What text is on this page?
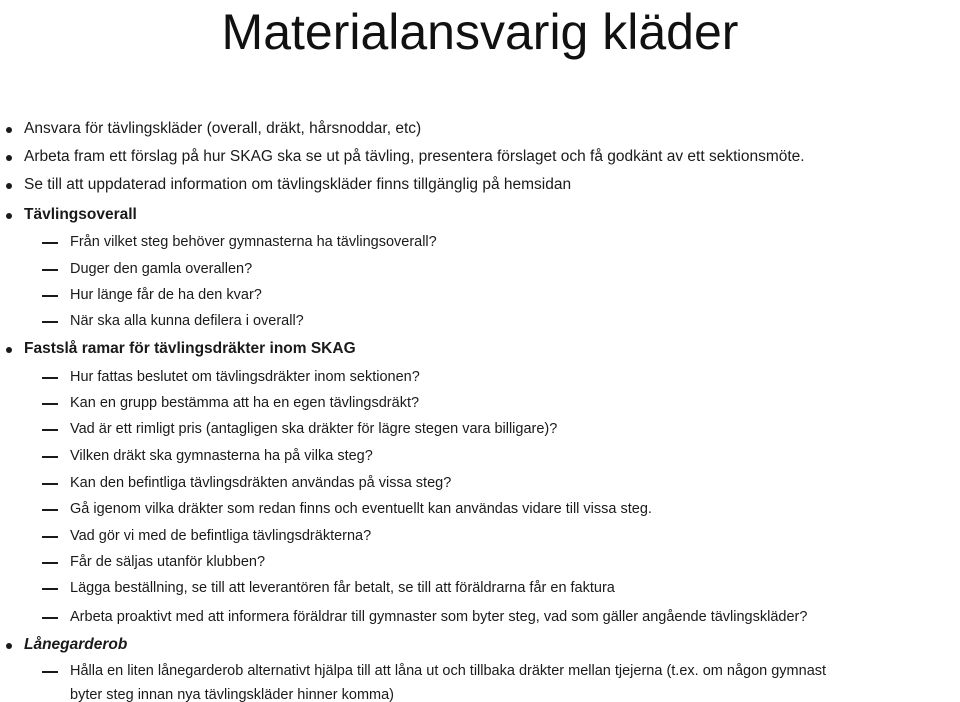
Materialansvarig kläder
Ansvara för tävlingskläder (overall, dräkt, hårsnoddar, etc)
Arbeta fram ett förslag på hur SKAG ska se ut på tävling, presentera förslaget och få godkänt av ett sektionsmöte.
Se till att uppdaterad information om tävlingskläder finns tillgänglig på hemsidan
Tävlingsoverall
Från vilket steg behöver gymnasterna ha tävlingsoverall?
Duger den gamla overallen?
Hur länge får de ha den kvar?
När ska alla kunna defilera i overall?
Fastslå ramar för tävlingsdräkter inom SKAG
Hur fattas beslutet om tävlingsdräkter inom sektionen?
Kan en grupp bestämma att ha en egen tävlingsdräkt?
Vad är ett rimligt pris (antagligen ska dräkter för lägre stegen vara billigare)?
Vilken dräkt ska gymnasterna ha på vilka steg?
Kan den befintliga tävlingsdräkten användas på vissa steg?
Gå igenom vilka dräkter som redan finns och eventuellt kan användas vidare till vissa steg.
Vad gör vi med de befintliga tävlingsdräkterna?
Får de säljas utanför klubben?
Lägga beställning, se till att leverantören får betalt, se till att föräldrarna får en faktura
Arbeta proaktivt med att informera föräldrar till gymnaster som byter steg, vad som gäller angående tävlingskläder?
Lånegarderob
Hålla en liten lånegarderob alternativt hjälpa till att låna ut och tillbaka dräkter mellan tjejerna (t.ex. om någon gymnast
byter steg innan nya tävlingskläder hinner komma)
